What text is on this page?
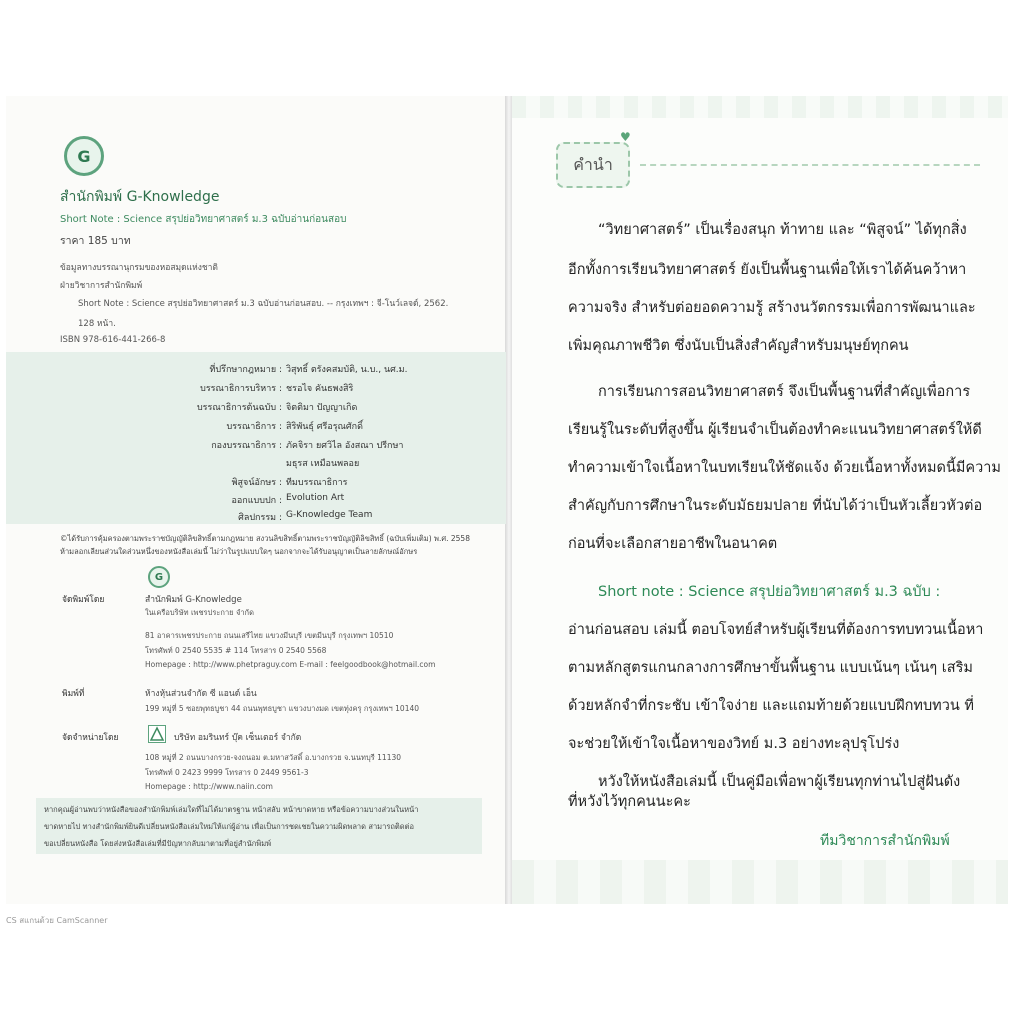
G
สำนักพิมพ์ G-Knowledge
Short Note : Science สรุปย่อวิทยาศาสตร์ ม.3 ฉบับอ่านก่อนสอบ
ราคา 185 บาท
ข้อมูลทางบรรณานุกรมของหอสมุดแห่งชาติ
ฝ่ายวิชาการสำนักพิมพ์
Short Note : Science สรุปย่อวิทยาศาสตร์ ม.3 ฉบับอ่านก่อนสอบ. -- กรุงเทพฯ : จี-โนว์เลจด์, 2562.
128 หน้า.
ISBN 978-616-441-266-8
ที่ปรึกษากฎหมาย : วิสุทธิ์ ตรังคสมบัติ, น.บ., นศ.ม.
บรรณาธิการบริหาร : ชรอไจ คันธพงสิริ
บรรณาธิการต้นฉบับ : จิตติมา ปัญญาเกิด
บรรณาธิการ : สิริพันธุ์ ศรีอรุณศักดิ์
กองบรรณาธิการ : ภัคจิรา ยศวิไล อังสณา ปรีกษา
มธุรส เหมือนพลอย
พิสูจน์อักษร : ทีมบรรณาธิการ
ออกแบบปก : Evolution Art
ศิลปกรรม : G-Knowledge Team
©ได้รับการคุ้มครองตามพระราชบัญญัติลิขสิทธิ์ตามกฎหมาย สงวนลิขสิทธิ์ตามพระราชบัญญัติลิขสิทธิ์ (ฉบับเพิ่มเติม) พ.ศ. 2558
ห้ามลอกเลียนส่วนใดส่วนหนึ่งของหนังสือเล่มนี้ ไม่ว่าในรูปแบบใดๆ นอกจากจะได้รับอนุญาตเป็นลายลักษณ์อักษร
G
จัดพิมพ์โดย	สำนักพิมพ์ G-Knowledge
ในเครือบริษัท เพชรประกาย จำกัด
81 อาคารเพชรประกาย ถนนเสรีไทย แขวงมีนบุรี เขตมีนบุรี กรุงเทพฯ 10510
โทรศัพท์ 0 2540 5535 # 114 โทรสาร 0 2540 5568
Homepage : http://www.phetpraguy.com E-mail : feelgoodbook@hotmail.com
พิมพ์ที่	ห้างหุ้นส่วนจำกัด ซี แอนด์ เอ็น
199 หมู่ที่ 5 ซอยพุทธบูชา 44 ถนนพุทธบูชา แขวงบางมด เขตทุ่งครุ กรุงเทพฯ 10140
จัดจำหน่ายโดย	บริษัท อมรินทร์ บุ๊ค เซ็นเตอร์ จำกัด
108 หมู่ที่ 2 ถนนบางกรวย-จงถนอม ต.มหาสวัสดิ์ อ.บางกรวย จ.นนทบุรี 11130
โทรศัพท์ 0 2423 9999 โทรสาร 0 2449 9561-3
Homepage : http://www.naiin.com
หากคุณผู้อ่านพบว่าหนังสือของสำนักพิมพ์เล่มใดที่ไม่ได้มาตรฐาน หน้าสลับ หน้าขาดหาย หรือข้อความบางส่วนในหน้า
ขาดหายไป ทางสำนักพิมพ์ยินดีเปลี่ยนหนังสือเล่มใหม่ให้แก่ผู้อ่าน เพื่อเป็นการชดเชยในความผิดพลาด สามารถติดต่อ
ขอเปลี่ยนหนังสือ โดยส่งหนังสือเล่มที่มีปัญหากลับมาตามที่อยู่สำนักพิมพ์
คำนำ
♥
“วิทยาศาสตร์” เป็นเรื่องสนุก ท้าทาย และ “พิสูจน์” ได้ทุกสิ่ง
อีกทั้งการเรียนวิทยาศาสตร์ ยังเป็นพื้นฐานเพื่อให้เราได้ค้นคว้าหา
ความจริง สำหรับต่อยอดความรู้ สร้างนวัตกรรมเพื่อการพัฒนาและ
เพิ่มคุณภาพชีวิต ซึ่งนับเป็นสิ่งสำคัญสำหรับมนุษย์ทุกคน
การเรียนการสอนวิทยาศาสตร์ จึงเป็นพื้นฐานที่สำคัญเพื่อการ
เรียนรู้ในระดับที่สูงขึ้น ผู้เรียนจำเป็นต้องทำคะแนนวิทยาศาสตร์ให้ดี
ทำความเข้าใจเนื้อหาในบทเรียนให้ชัดแจ้ง ด้วยเนื้อหาทั้งหมดนี้มีความ
สำคัญกับการศึกษาในระดับมัธยมปลาย ที่นับได้ว่าเป็นหัวเลี้ยวหัวต่อ
ก่อนที่จะเลือกสายอาชีพในอนาคต
Short note : Science สรุปย่อวิทยาศาสตร์ ม.3 ฉบับ :
อ่านก่อนสอบ เล่มนี้ ตอบโจทย์สำหรับผู้เรียนที่ต้องการทบทวนเนื้อหา
ตามหลักสูตรแกนกลางการศึกษาขั้นพื้นฐาน แบบเน้นๆ เน้นๆ เสริม
ด้วยหลักจำที่กระชับ เข้าใจง่าย และแถมท้ายด้วยแบบฝึกทบทวน ที่
จะช่วยให้เข้าใจเนื้อหาของวิทย์ ม.3 อย่างทะลุปรุโปร่ง
หวังให้หนังสือเล่มนี้ เป็นคู่มือเพื่อพาผู้เรียนทุกท่านไปสู่ฝันดัง
ที่หวังไว้ทุกคนนะคะ
ทีมวิชาการสำนักพิมพ์
CS สแกนด้วย CamScanner
